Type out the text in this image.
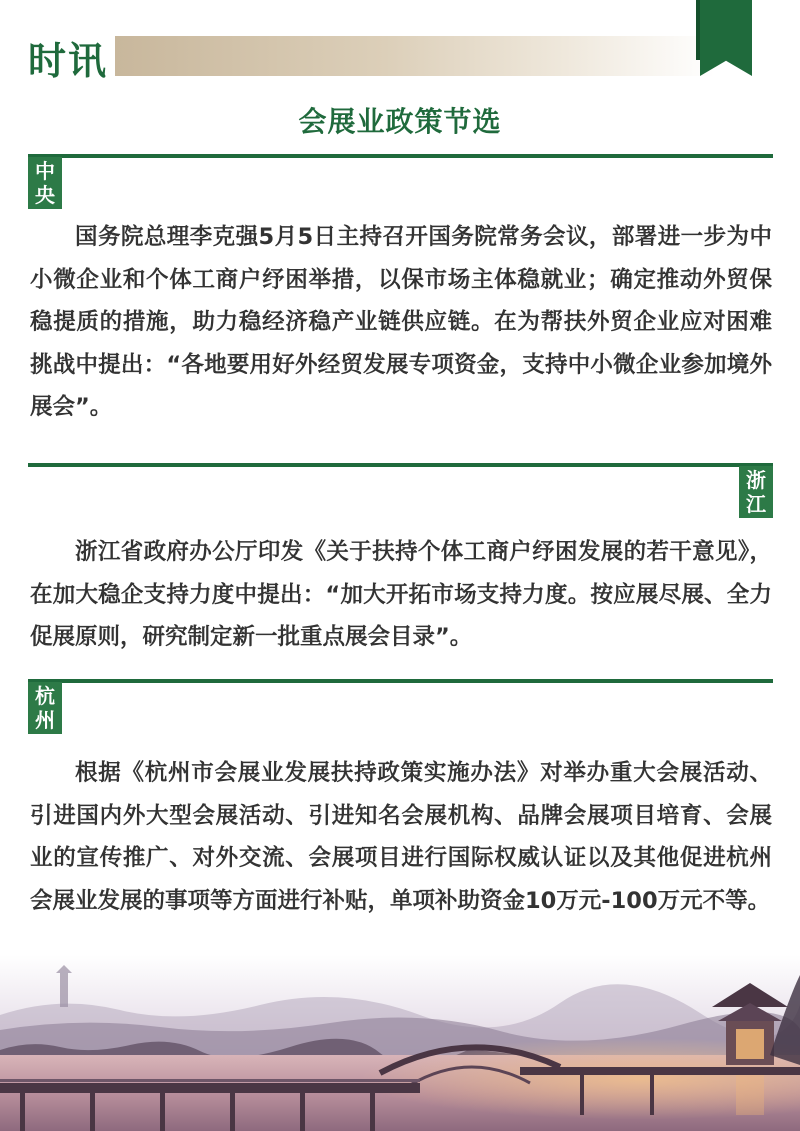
时讯
会展业政策节选
中
央

国务院总理李克强5月5日主持召开国务院常务会议，部署进一步为中小微企业和个体工商户纾困举措，以保市场主体稳就业；确定推动外贸保稳提质的措施，助力稳经济稳产业链供应链。在为帮扶外贸企业应对困难挑战中提出：“各地要用好外经贸发展专项资金，支持中小微企业参加境外展会”。

浙
江

浙江省政府办公厅印发《关于扶持个体工商户纾困发展的若干意见》，在加大稳企支持力度中提出：“加大开拓市场支持力度。按应展尽展、全力促展原则，研究制定新一批重点展会目录”。

杭
州

根据《杭州市会展业发展扶持政策实施办法》对举办重大会展活动、引进国内外大型会展活动、引进知名会展机构、品牌会展项目培育、会展业的宣传推广、对外交流、会展项目进行国际权威认证以及其他促进杭州会展业发展的事项等方面进行补贴，单项补助资金10万元-100万元不等。
